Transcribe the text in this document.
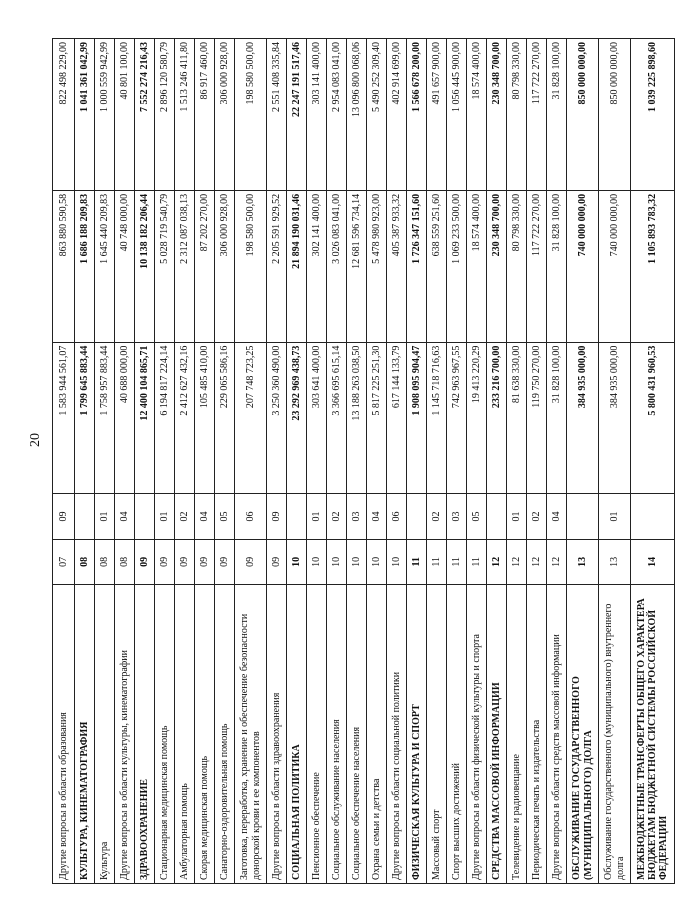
20
Другие вопросы в области образования	07	09	1 583 944 561,07	863 880 590,58	822 498 229,00
КУЛЬТУРА, КИНЕМАТОГРАФИЯ	08		1 799 645 883,44	1 686 188 209,83	1 041 361 042,99
Культура	08	01	1 758 957 883,44	1 645 440 209,83	1 000 559 942,99
Другие вопросы в области культуры, кинематографии	08	04	40 688 000,00	40 748 000,00	40 801 100,00
ЗДРАВООХРАНЕНИЕ	09		12 400 104 865,71	10 138 182 206,44	7 552 274 216,43
Стационарная медицинская помощь	09	01	6 194 817 224,14	5 028 719 540,79	2 896 120 580,79
Амбулаторная помощь	09	02	2 412 627 432,16	2 312 087 038,13	1 513 246 411,80
Скорая медицинская помощь	09	04	105 485 410,00	87 202 270,00	86 917 460,00
Санаторно-оздоровительная помощь	09	05	229 065 586,16	306 000 928,00	306 000 928,00
Заготовка, переработка, хранение и обеспечение безопасности донорской крови и ее компонентов	09	06	207 748 723,25	198 580 500,00	198 580 500,00
Другие вопросы в области здравоохранения	09	09	3 250 360 490,00	2 205 591 929,52	2 551 408 335,84
СОЦИАЛЬНАЯ ПОЛИТИКА	10		23 292 969 438,73	21 894 190 031,46	22 247 191 517,46
Пенсионное обеспечение	10	01	303 641 400,00	302 141 400,00	303 141 400,00
Социальное обслуживание населения	10	02	3 366 695 615,14	3 026 083 041,00	2 954 083 041,00
Социальное обеспечение населения	10	03	13 188 263 038,50	12 681 596 734,14	13 096 800 068,06
Охрана семьи и детства	10	04	5 817 225 251,30	5 478 980 923,00	5 490 252 309,40
Другие вопросы в области социальной политики	10	06	617 144 133,79	405 387 933,32	402 914 699,00
ФИЗИЧЕСКАЯ КУЛЬТУРА И СПОРТ	11		1 908 095 904,47	1 726 347 151,60	1 566 678 200,00
Массовый спорт	11	02	1 145 718 716,63	638 559 251,60	491 657 900,00
Спорт высших достижений	11	03	742 963 967,55	1 069 233 500,00	1 056 445 900,00
Другие вопросы в области физической культуры и спорта	11	05	19 413 220,29	18 574 400,00	18 574 400,00
СРЕДСТВА МАССОВОЙ ИНФОРМАЦИИ	12		233 216 700,00	230 348 700,00	230 348 700,00
Телевидение и радиовещание	12	01	81 638 330,00	80 798 330,00	80 798 330,00
Периодическая печать и издательства	12	02	119 750 270,00	117 722 270,00	117 722 270,00
Другие вопросы в области средств массовой информации	12	04	31 828 100,00	31 828 100,00	31 828 100,00
ОБСЛУЖИВАНИЕ ГОСУДАРСТВЕННОГО (МУНИЦИПАЛЬНОГО) ДОЛГА	13		384 935 000,00	740 000 000,00	850 000 000,00
Обслуживание государственного (муниципального) внутреннего долга	13	01	384 935 000,00	740 000 000,00	850 000 000,00
МЕЖБЮДЖЕТНЫЕ ТРАНСФЕРТЫ ОБЩЕГО ХАРАКТЕРА БЮДЖЕТАМ БЮДЖЕТНОЙ СИСТЕМЫ РОССИЙСКОЙ ФЕДЕРАЦИИ	14		5 800 431 960,53	1 105 893 783,32	1 039 225 898,60
